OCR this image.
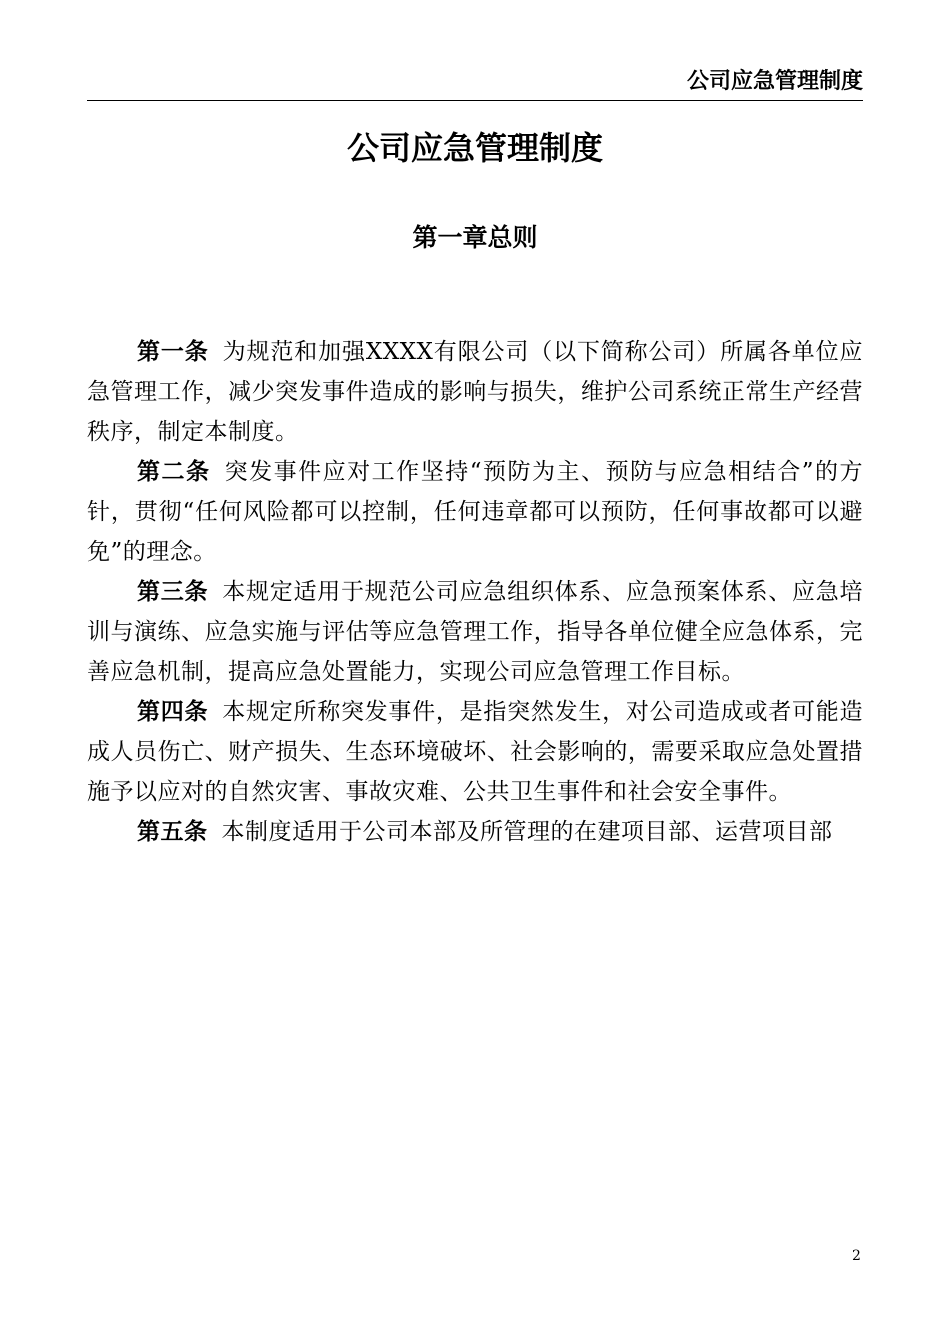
公司应急管理制度
公司应急管理制度
第一章总则

第一条 为规范和加强XXXX有限公司（以下简称公司）所属各单位应急管理工作，减少突发事件造成的影响与损失，维护公司系统正常生产经营秩序，制定本制度。

第二条 突发事件应对工作坚持“预防为主、预防与应急相结合”的方针，贯彻“任何风险都可以控制，任何违章都可以预防，任何事故都可以避免”的理念。

第三条 本规定适用于规范公司应急组织体系、应急预案体系、应急培训与演练、应急实施与评估等应急管理工作，指导各单位健全应急体系，完善应急机制，提高应急处置能力，实现公司应急管理工作目标。

第四条 本规定所称突发事件，是指突然发生，对公司造成或者可能造成人员伤亡、财产损失、生态环境破坏、社会影响的，需要采取应急处置措施予以应对的自然灾害、事故灾难、公共卫生事件和社会安全事件。

第五条 本制度适用于公司本部及所管理的在建项目部、运营项目部

2
